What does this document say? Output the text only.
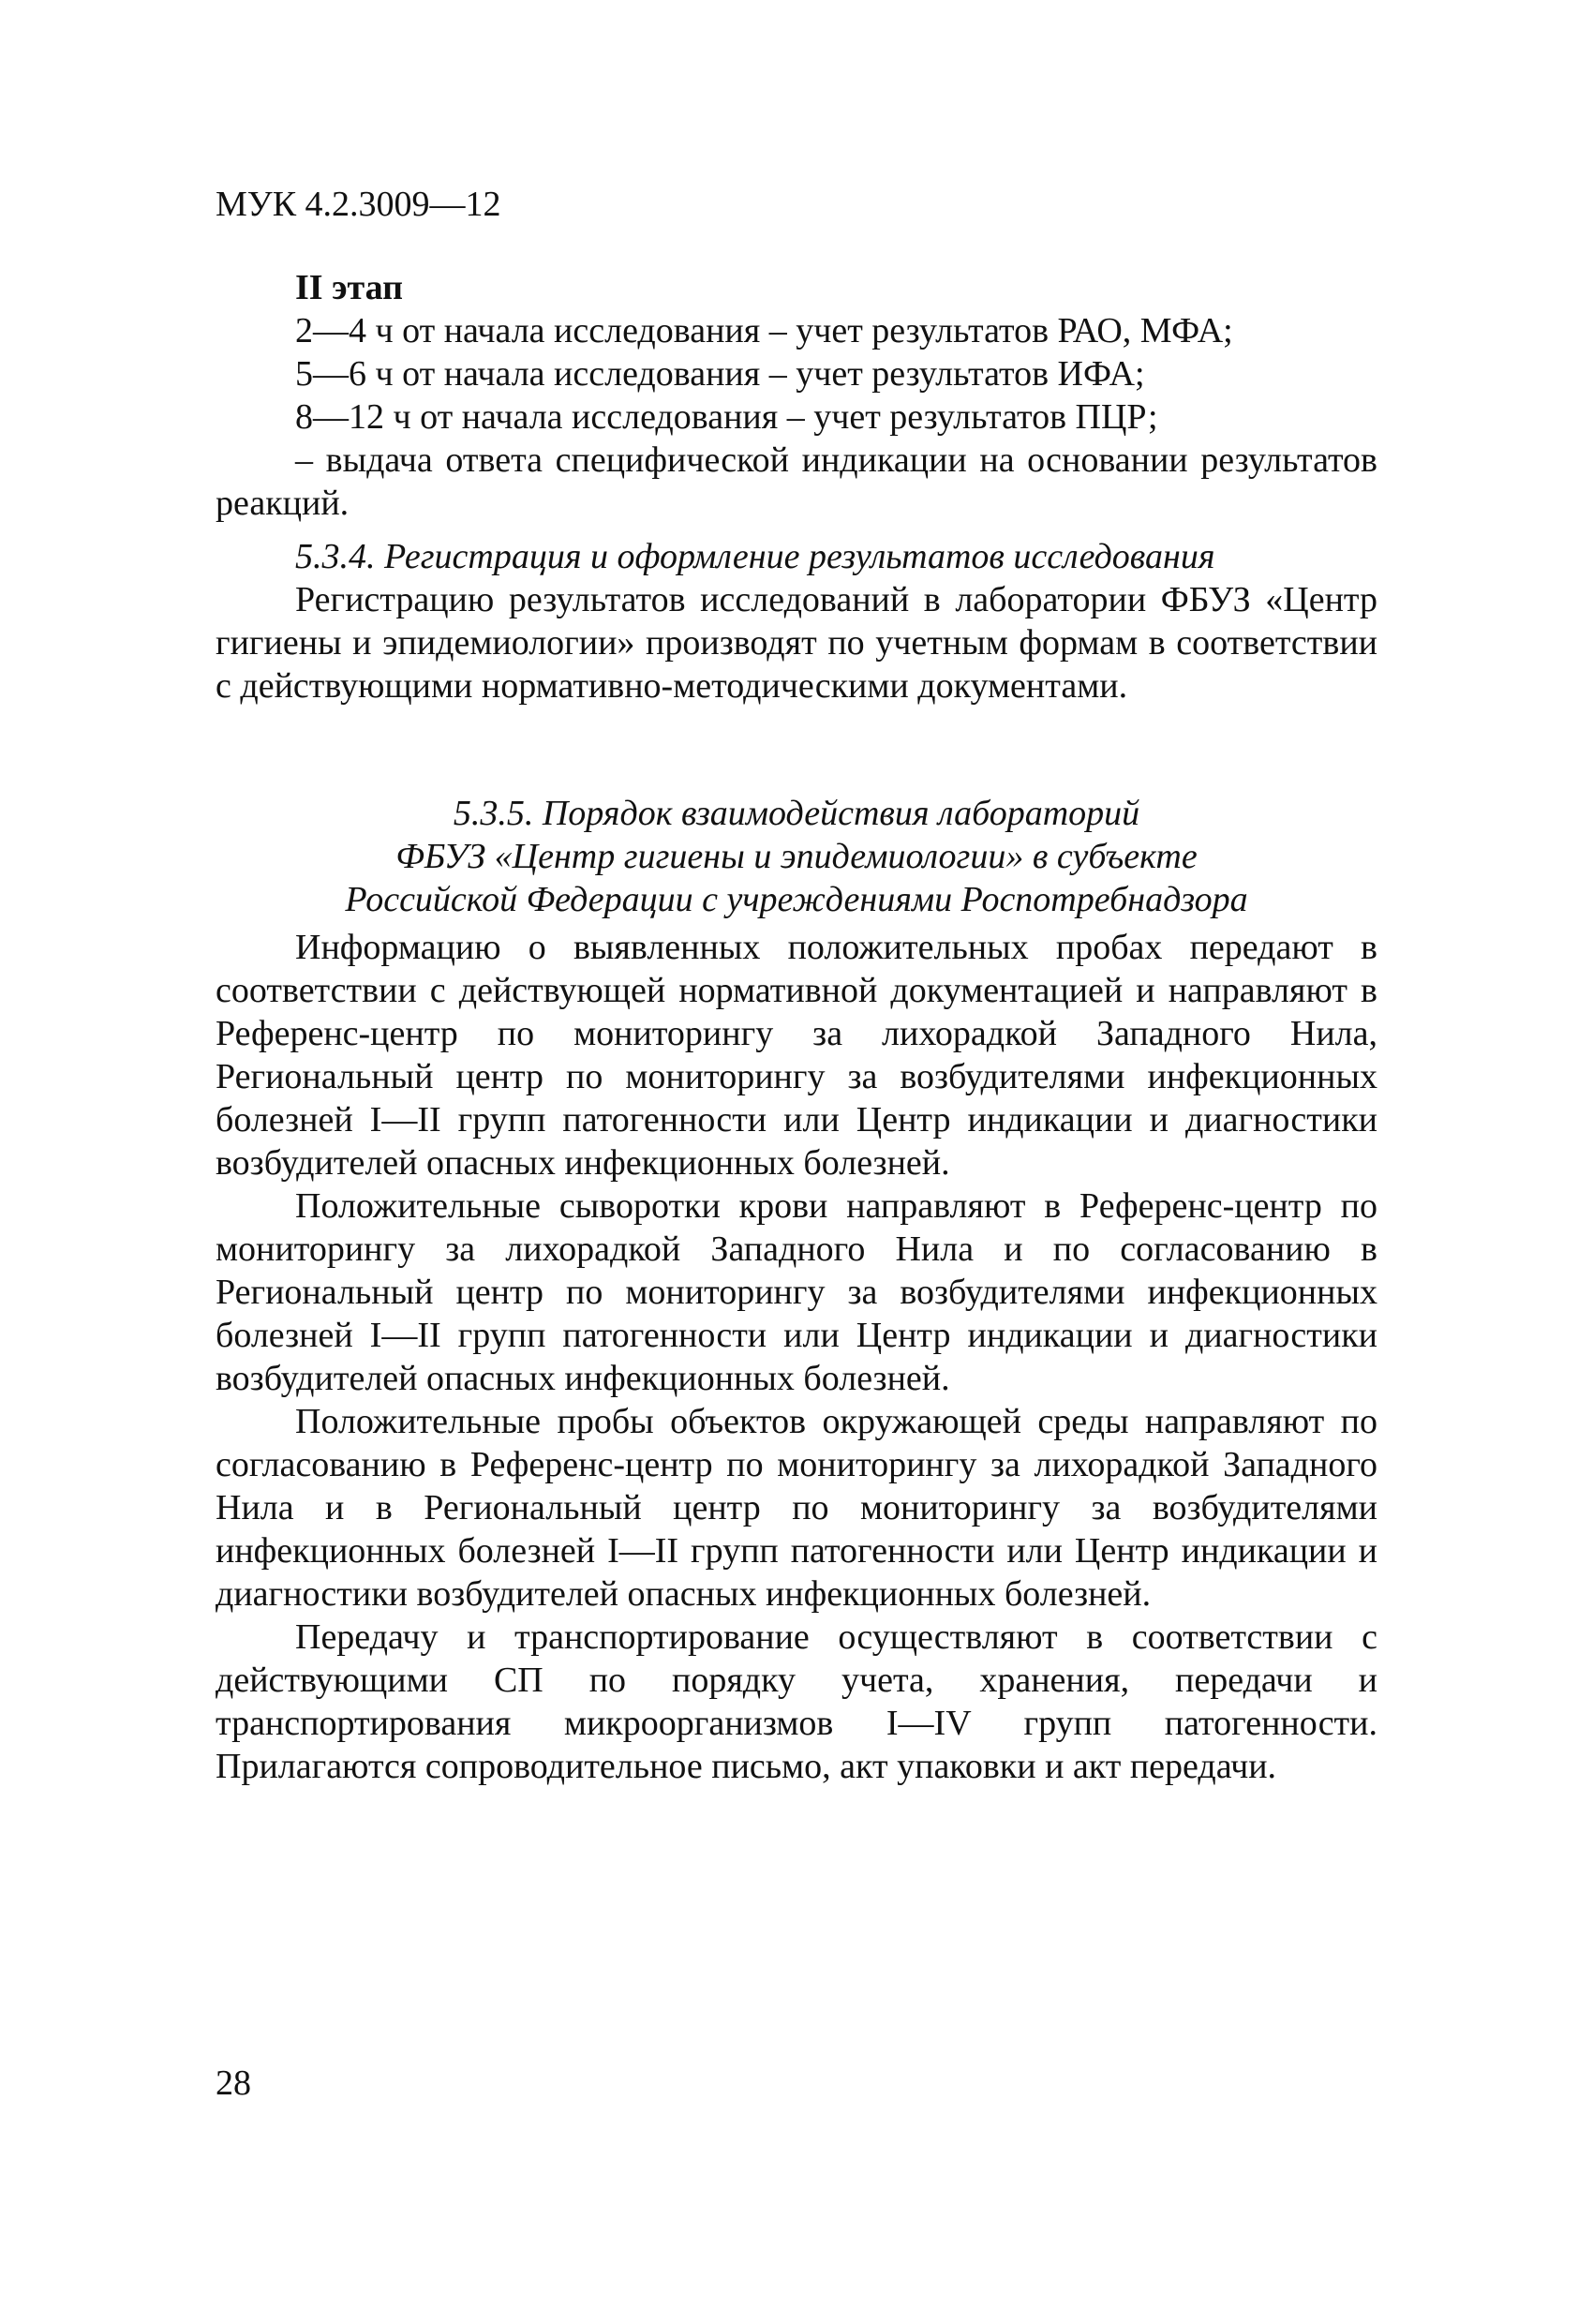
МУК 4.2.3009—12

II этап

2—4 ч от начала исследования – учет результатов РАО, МФА;

5—6 ч от начала исследования – учет результатов ИФА;

8—12 ч от начала исследования – учет результатов ПЦР;

– выдача ответа специфической индикации на основании результатов реакций.

5.3.4. Регистрация и оформление результатов исследования

Регистрацию результатов исследований в лаборатории ФБУЗ «Центр гигиены и эпидемиологии» производят по учетным формам в соответствии с действующими нормативно-методическими документами.

5.3.5. Порядок взаимодействия лабораторий

ФБУЗ «Центр гигиены и эпидемиологии» в субъекте

Российской Федерации с учреждениями Роспотребнадзора

Информацию о выявленных положительных пробах передают в соответствии с действующей нормативной документацией и направляют в Референс-центр по мониторингу за лихорадкой Западного Нила, Региональный центр по мониторингу за возбудителями инфекционных болезней I—II групп патогенности или Центр индикации и диагностики возбудителей опасных инфекционных болезней.

Положительные сыворотки крови направляют в Референс-центр по мониторингу за лихорадкой Западного Нила и по согласованию в Региональный центр по мониторингу за возбудителями инфекционных болезней I—II групп патогенности или Центр индикации и диагностики возбудителей опасных инфекционных болезней.

Положительные пробы объектов окружающей среды направляют по согласованию в Референс-центр по мониторингу за лихорадкой Западного Нила и в Региональный центр по мониторингу за возбудителями инфекционных болезней I—II групп патогенности или Центр индикации и диагностики возбудителей опасных инфекционных болезней.

Передачу и транспортирование осуществляют в соответствии с действующими СП по порядку учета, хранения, передачи и транспортирования микроорганизмов I—IV групп патогенности. Прилагаются сопроводительное письмо, акт упаковки и акт передачи.

28
